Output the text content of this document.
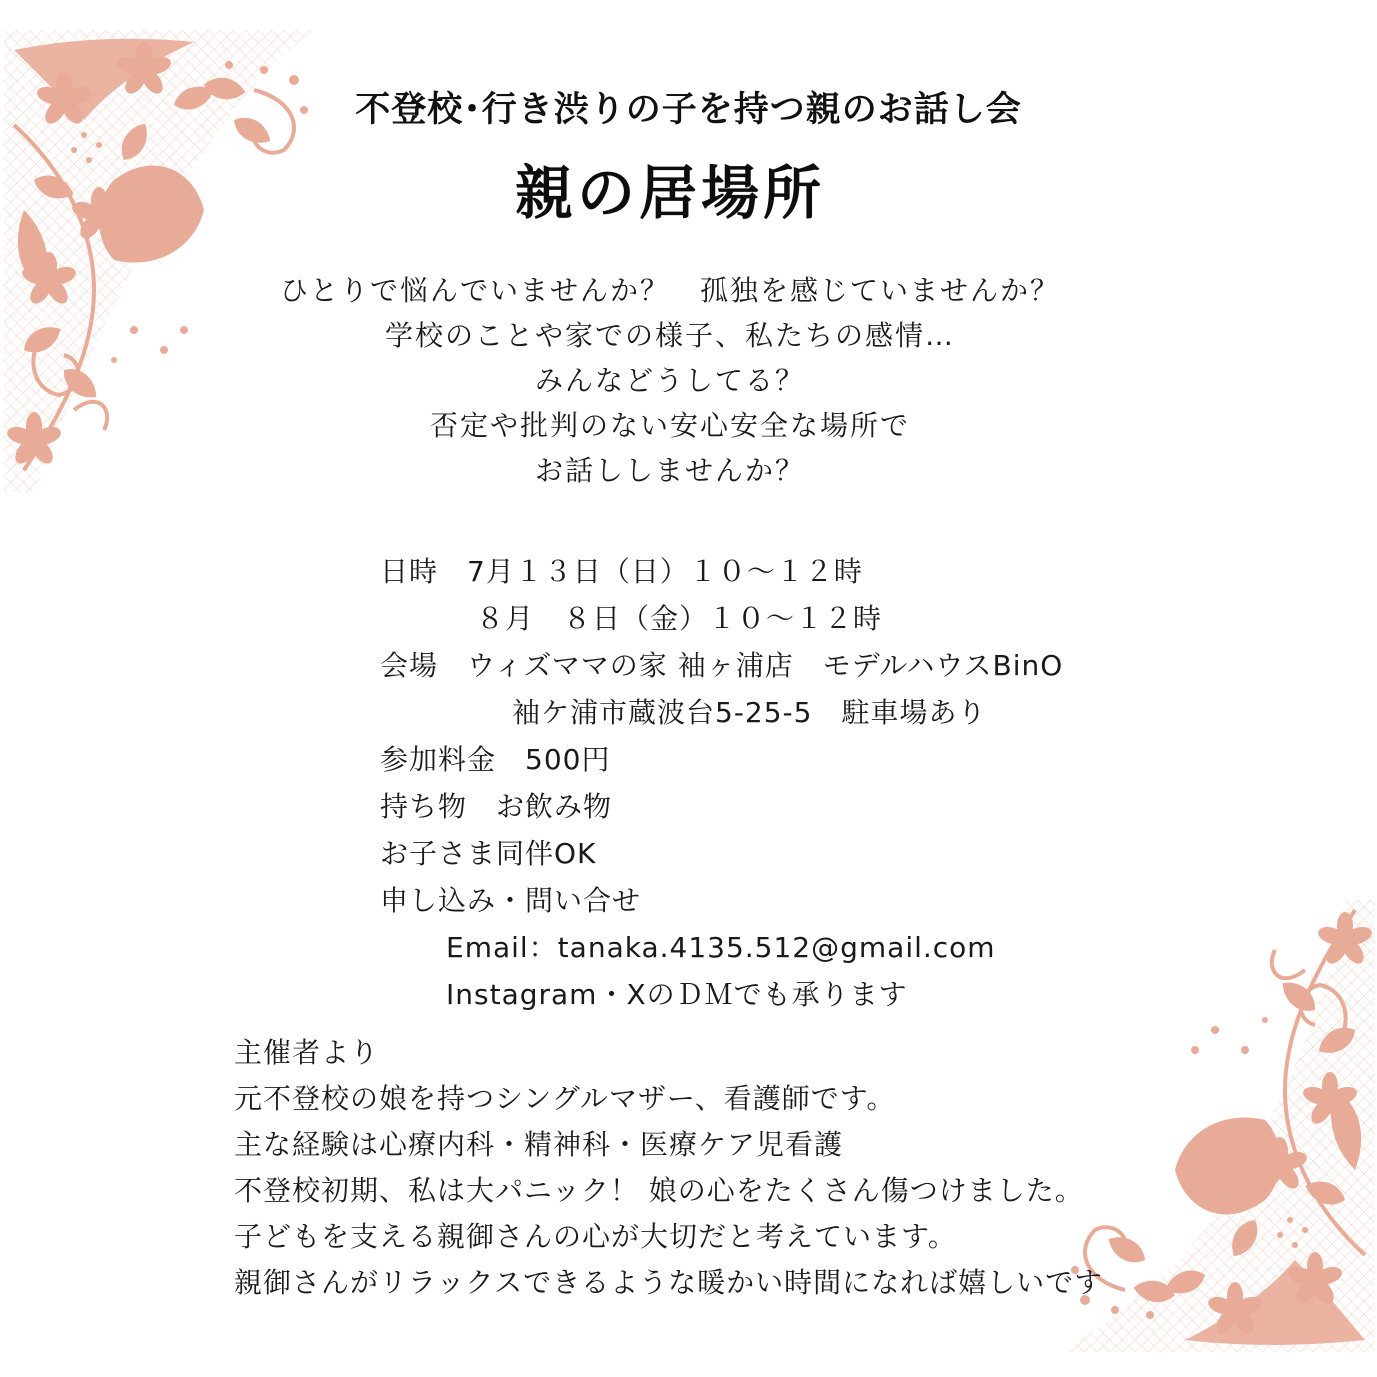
不登校･行き渋りの子を持つ親のお話し会
親の居場所
ひとりで悩んでいませんか？　孤独を感じていませんか？
学校のことや家での様子、私たちの感情…
みんなどうしてる？
否定や批判のない安心安全な場所で
お話ししませんか？
日時　 7月１３日（日）１０～１２時
８月　８日（金）１０～１２時
会場　 ウィズママの家 袖ヶ浦店　モデルハウスBinO
袖ケ浦市蔵波台5-25-5　駐車場あり
参加料金　 500円
持ち物　 お飲み物
お子さま同伴OK
申し込み・問い合せ
Email：tanaka.4135.512@gmail.com
Instagram・XのＤＭでも承ります
主催者より
元不登校の娘を持つシングルマザー、看護師です。
主な経験は心療内科・精神科・医療ケア児看護
不登校初期、私は大パニック！ 娘の心をたくさん傷つけました。
子どもを支える親御さんの心が大切だと考えています。
親御さんがリラックスできるような暖かい時間になれば嬉しいです
